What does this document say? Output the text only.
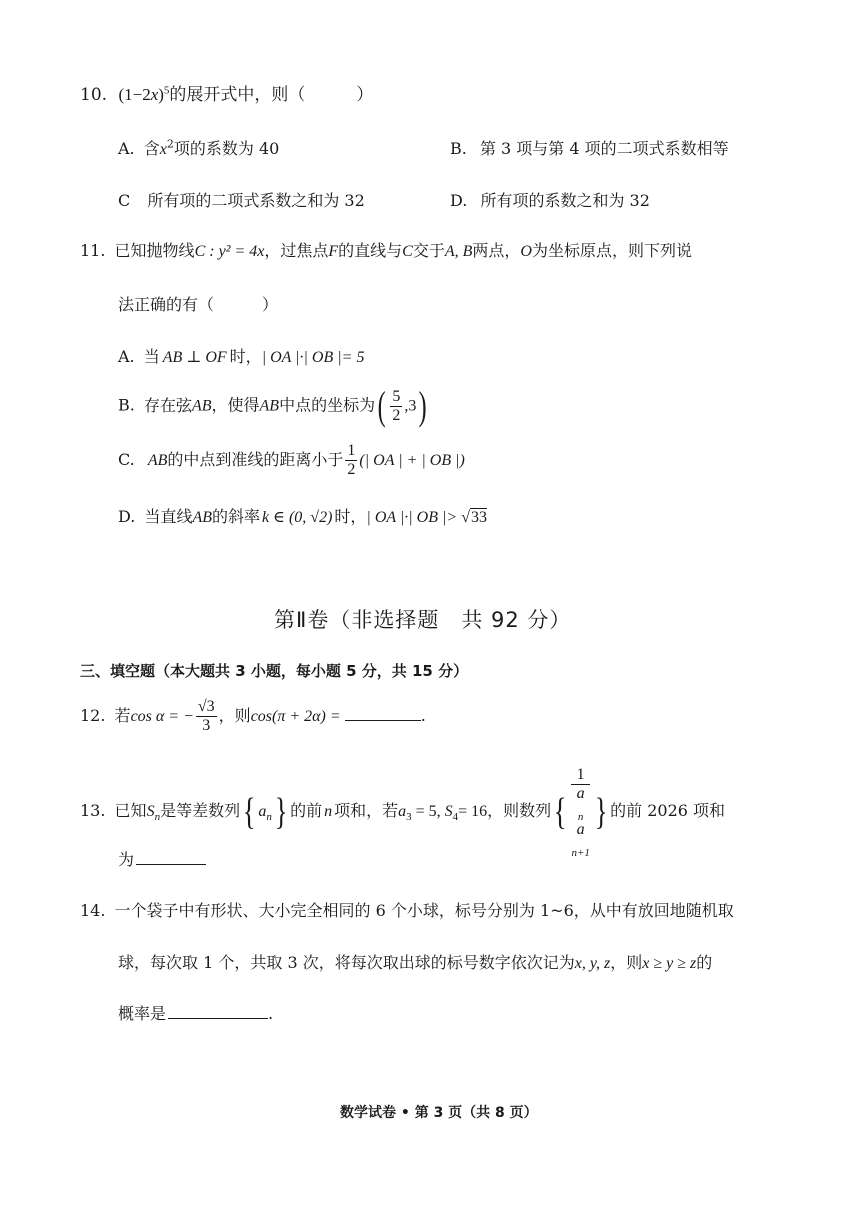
10. $(1-2x)^5$的展开式中，则（　　　）
A. 含$x^2$项的系数为 40	B. 第 3 项与第 4 项的二项式系数相等
C 所有项的二项式系数之和为 32	D. 所有项的系数之和为 32
11. 已知抛物线C : y² = 4x，过焦点F的直线与C交于A, B两点，O为坐标原点，则下列说
法正确的有（　　　）
A. 当 AB ⊥ OF 时，| OA |·| OB |= 5
B. 存在弦AB，使得AB中点的坐标为( $\frac{5}{2} ,3$)
C. AB的中点到准线的距离小于 $\frac{1}{2}$ (| OA | + | OB |)
D. 当直线AB的斜率 k ∈ (0, √2) 时，| OA |·| OB |> √33
第Ⅱ卷（非选择题　共 92 分）
三、填空题（本大题共 3 小题，每小题 5 分，共 15 分）
12. 若cos α = − $\frac{√3}{3}$ ，则cos(π + 2α) =	.
13. 已知$S_n$是等差数列{ $a_n$} 的前 n 项和，若$a_3 = 5$, $S_4= 16$，则数列{ 1
a
$_n$
a
$_{n+1}$ } 的前 2026 项和
为
14. 一个袋子中有形状、大小完全相同的 6 个小球，标号分别为 1~6，从中有放回地随机取
球，每次取 1 个，共取 3 次，将每次取出球的标号数字依次记为x, y, z，则x ≥ y ≥ z的
概率是	.
数学试卷 • 第 3 页（共 8 页）
